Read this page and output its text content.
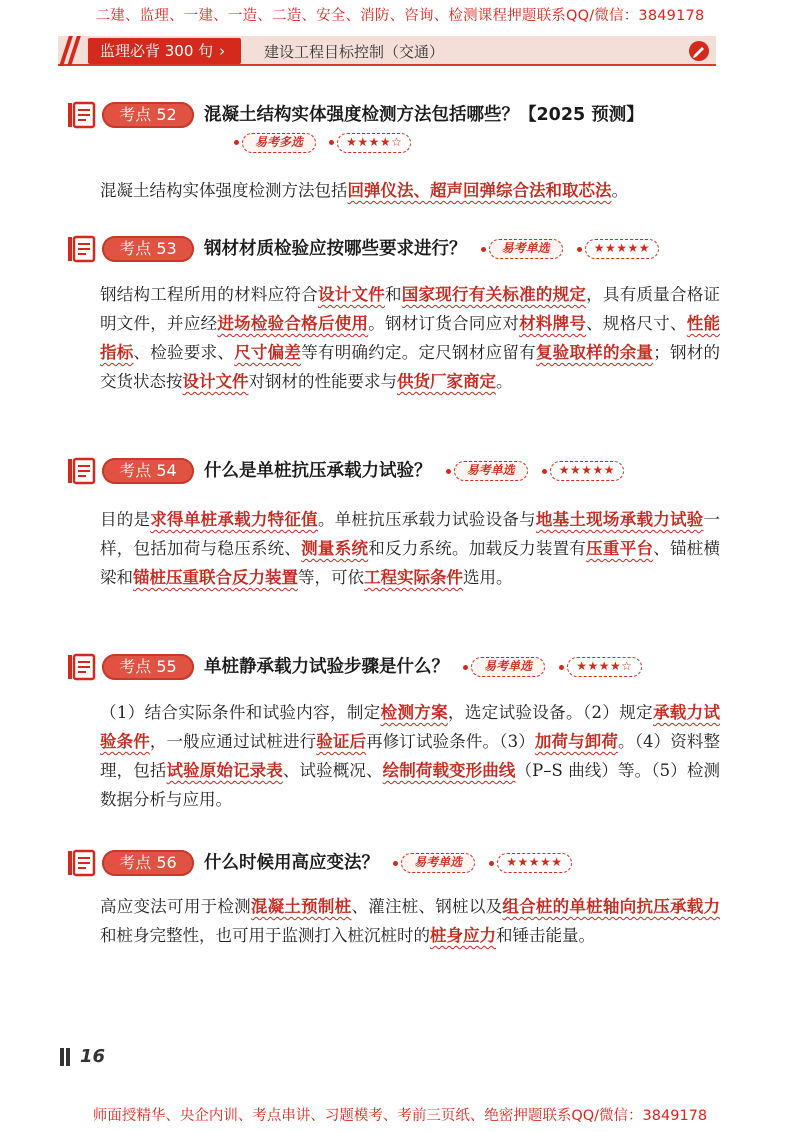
二建、监理、一建、一造、二造、安全、消防、咨询、检测课程押题联系QQ/微信：3849178
监理必背 300 句 ›	建设工程目标控制（交通）
考点 52	混凝土结构实体强度检测方法包括哪些？【2025 预测】
易考多选
	★★★★☆
混凝土结构实体强度检测方法包括回弹仪法、超声回弹综合法和取芯法。
考点 53	钢材材质检验应按哪些要求进行？	易考单选
	★★★★★
钢结构工程所用的材料应符合设计文件和国家现行有关标准的规定，具有质量合格证明文件，并应经进场检验合格后使用。钢材订货合同应对材料牌号、规格尺寸、性能指标、检验要求、尺寸偏差等有明确约定。定尺钢材应留有复验取样的余量；钢材的交货状态按设计文件对钢材的性能要求与供货厂家商定。
考点 54	什么是单桩抗压承载力试验？	易考单选
	★★★★★
目的是求得单桩承载力特征值。单桩抗压承载力试验设备与地基土现场承载力试验一样，包括加荷与稳压系统、测量系统和反力系统。加载反力装置有压重平台、锚桩横梁和锚桩压重联合反力装置等，可依工程实际条件选用。
考点 55	单桩静承载力试验步骤是什么？	易考单选
	★★★★☆
（1）结合实际条件和试验内容，制定检测方案，选定试验设备。（2）规定承载力试验条件，一般应通过试桩进行验证后再修订试验条件。（3）加荷与卸荷。（4）资料整理，包括试验原始记录表、试验概况、绘制荷载变形曲线（P–S 曲线）等。（5）检测数据分析与应用。
考点 56	什么时候用高应变法？	易考单选
	★★★★★
高应变法可用于检测混凝土预制桩、灌注桩、钢桩以及组合桩的单桩轴向抗压承载力和桩身完整性，也可用于监测打入桩沉桩时的桩身应力和锤击能量。
16
师面授精华、央企内训、考点串讲、习题模考、考前三页纸、绝密押题联系QQ/微信：3849178
